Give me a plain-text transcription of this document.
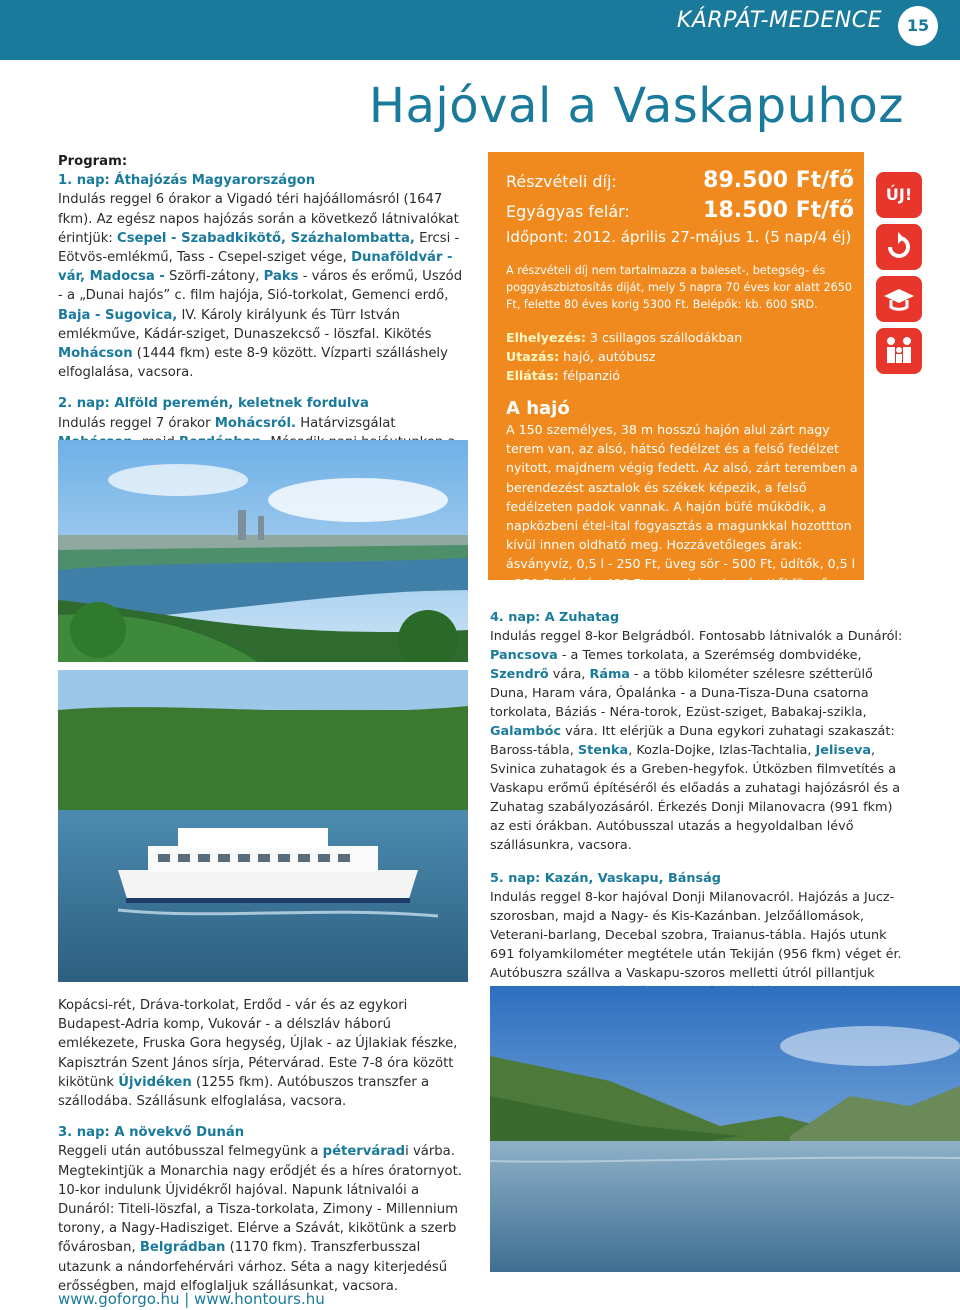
KÁRPÁT-MEDENCE	15
Hajóval a Vaskapuhoz

Program:
1. nap: Áthajózás Magyarországon
Indulás reggel 6 órakor a Vigadó téri hajóállomásról (1647 fkm). Az egész napos hajózás során a következő látnivalókat érintjük: Csepel - Szabadkikötő, Százhalombatta, Ercsi - Eötvös-emlékmű, Tass - Csepel-sziget vége, Dunaföldvár - vár, Madocsa - Szörfi-zátony, Paks - város és erőmű, Uszód - a „Dunai hajós” c. film hajója, Sió-torkolat, Gemenci erdő, Baja - Sugovica, IV. Károly királyunk és Türr István emlékműve, Kádár-sziget, Dunaszekcső - löszfal. Kikötés Mohácson (1444 fkm) este 8-9 között. Vízparti szálláshely elfoglalása, vacsora.

2. nap: Alföld peremén, keletnek fordulva
Indulás reggel 7 órakor Mohácsról. Határvizsgálat

Kopácsi-rét, Dráva-torkolat, Erdőd - vár és az egykori Budapest-Adria komp, Vukovár - a délszláv háború emlékezete, Fruska Gora hegység, Újlak - az Újlakiak fészke, Kapisztrán Szent János sírja, Pétervárad. Este 7-8 óra között kikötünk Újvidéken (1255 fkm). Autóbuszos transzfer a szállodába. Szállásunk elfoglalása, vacsora.

3. nap: A növekvő Dunán
Reggeli után autóbusszal felmegyünk a péterváradi várba. Megtekintjük a Monarchia nagy erődjét és a híres óratornyot. 10-kor indulunk Újvidékről hajóval. Napunk látnivalói a Dunáról: Titeli-löszfal, a Tisza-torkolata, Zimony - Millennium torony, a Nagy-Hadisziget. Elérve a Szávát, kikötünk a szerb fővárosban, Belgrádban (1170 fkm). Transzferbusszal utazunk a nándorfehérvári várhoz. Séta a nagy kiterjedésű erősségben, majd elfoglaljuk szállásunkat, vacsora.

Részvételi díj:	89.500 Ft/fő
Egyágyas felár:	18.500 Ft/fő
Időpont: 2012. április 27-május 1. (5 nap/4 éj)
A részvételi díj nem tartalmazza a baleset-, betegség- és poggyászbiztosítás díját, mely 5 napra 70 éves kor alatt 2650 Ft, felette 80 éves korig 5300 Ft. Belépők: kb. 600 SRD.
Elhelyezés: 3 csillagos szállodákban
Utazás: hajó, autóbusz
Ellátás: félpanzió
A hajó
A 150 személyes, 38 m hosszú hajón alul zárt nagy terem van, az alsó, hátsó fedélzet és a felső fedélzet nyitott, majdnem végig fedett. Az alsó, zárt teremben a berendezést asztalok és székek képezik, a felső fedélzeten padok vannak. A hajón büfé működik, a napközbeni étel-ital fogyasztás a magunkkal hozottton kívül innen oldható meg. Hozzávetőleges árak: ásványvíz, 0,5 l - 250 Ft, üveg sör - 500 Ft, üdítők, 0,5 l - 350 Ft, kávé - 400 Ft, szendvicsek mérettől függően 350-800 Ft. A hajón egy férfi és egy női WC található.
ÚJ!

4. nap: A Zuhatag
Indulás reggel 8-kor Belgrádból. Fontosabb látnivalók a Dunáról: Pancsova - a Temes torkolata, a Szerémség dombvidéke, Szendrő vára, Ráma - a több kilométer szélesre szétterülő Duna, Haram vára, Ópalánka - a Duna-Tisza-Duna csatorna torkolata, Báziás - Néra-torok, Ezüst-sziget, Babakaj-szikla, Galambóc vára. Itt elérjük a Duna egykori zuhatagi szakaszát: Baross-tábla, Stenka, Kozla-Dojke, Izlas-Tachtalia, Jeliseva, Svinica zuhatagok és a Greben-hegyfok. Útközben filmvetítés a Vaskapu erőmű építéséről és előadás a zuhatagi hajózásról és a Zuhatag szabályozásáról. Érkezés Donji Milanovacra (991 fkm) az esti órákban. Autóbusszal utazás a hegyoldalban lévő szállásunkra, vacsora.

5. nap: Kazán, Vaskapu, Bánság
Indulás reggel 8-kor hajóval Donji Milanovacról. Hajózás a Jucz-szorosban, majd a Nagy- és Kis-Kazánban. Jelzőállomások, Veterani-barlang, Decebal szobra, Traianus-tábla. Hajós utunk 691 folyamkilométer megtétele után Tekiján (956 fkm) véget ér. Autóbuszra szállva a Vaskapu-szoros melletti útról pillantjuk

www.goforgo.hu | www.hontours.hu
